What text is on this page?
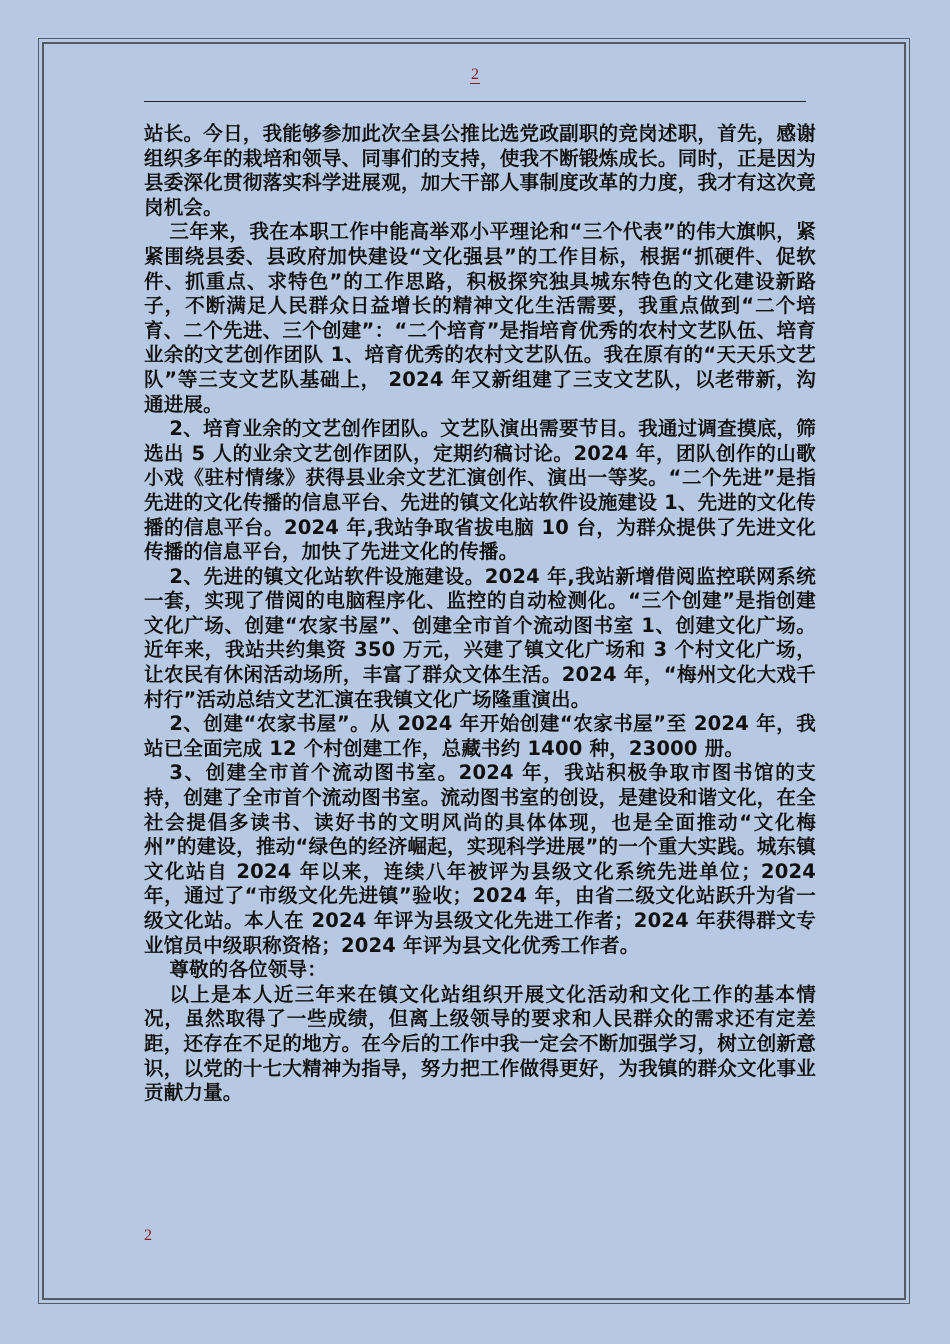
2

站长。今日，我能够参加此次全县公推比选党政副职的竞岗述职，首先，感谢组织多年的栽培和领导、同事们的支持，使我不断锻炼成长。同时，正是因为县委深化贯彻落实科学进展观，加大干部人事制度改革的力度，我才有这次竟岗机会。

三年来，我在本职工作中能高举邓小平理论和“三个代表”的伟大旗帜，紧紧围绕县委、县政府加快建设“文化强县”的工作目标，根据“抓硬件、促软件、抓重点、求特色”的工作思路，积极探究独具城东特色的文化建设新路子，不断满足人民群众日益增长的精神文化生活需要，我重点做到“二个培育、二个先进、三个创建”：“二个培育”是指培育优秀的农村文艺队伍、培育业余的文艺创作团队 1、培育优秀的农村文艺队伍。我在原有的“天天乐文艺队”等三支文艺队基础上， 2024 年又新组建了三支文艺队，以老带新，沟通进展。

2、培育业余的文艺创作团队。文艺队演出需要节目。我通过调查摸底，筛选出 5 人的业余文艺创作团队，定期约稿讨论。2024 年，团队创作的山歌小戏《驻村情缘》获得县业余文艺汇演创作、演出一等奖。“二个先进”是指先进的文化传播的信息平台、先进的镇文化站软件设施建设 1、先进的文化传播的信息平台。2024 年,我站争取省拔电脑 10 台，为群众提供了先进文化传播的信息平台，加快了先进文化的传播。

2、先进的镇文化站软件设施建设。2024 年,我站新增借阅监控联网系统一套，实现了借阅的电脑程序化、监控的自动检测化。“三个创建”是指创建文化广场、创建“农家书屋”、创建全市首个流动图书室 1、创建文化广场。近年来，我站共约集资 350 万元，兴建了镇文化广场和 3 个村文化广场，让农民有休闲活动场所，丰富了群众文体生活。2024 年，“梅州文化大戏千村行”活动总结文艺汇演在我镇文化广场隆重演出。

2、创建“农家书屋”。从 2024 年开始创建“农家书屋”至 2024 年，我站已全面完成 12 个村创建工作，总藏书约 1400 种，23000 册。

3、创建全市首个流动图书室。2024 年，我站积极争取市图书馆的支持，创建了全市首个流动图书室。流动图书室的创设，是建设和谐文化，在全社会提倡多读书、读好书的文明风尚的具体体现，也是全面推动“文化梅州”的建设，推动“绿色的经济崛起，实现科学进展”的一个重大实践。城东镇文化站自 2024 年以来，连续八年被评为县级文化系统先进单位；2024 年，通过了“市级文化先进镇”验收；2024 年，由省二级文化站跃升为省一级文化站。本人在 2024 年评为县级文化先进工作者；2024 年获得群文专业馆员中级职称资格；2024 年评为县文化优秀工作者。

尊敬的各位领导：

以上是本人近三年来在镇文化站组织开展文化活动和文化工作的基本情况，虽然取得了一些成绩，但离上级领导的要求和人民群众的需求还有定差距，还存在不足的地方。在今后的工作中我一定会不断加强学习，树立创新意识，以党的十七大精神为指导，努力把工作做得更好，为我镇的群众文化事业贡献力量。

2
